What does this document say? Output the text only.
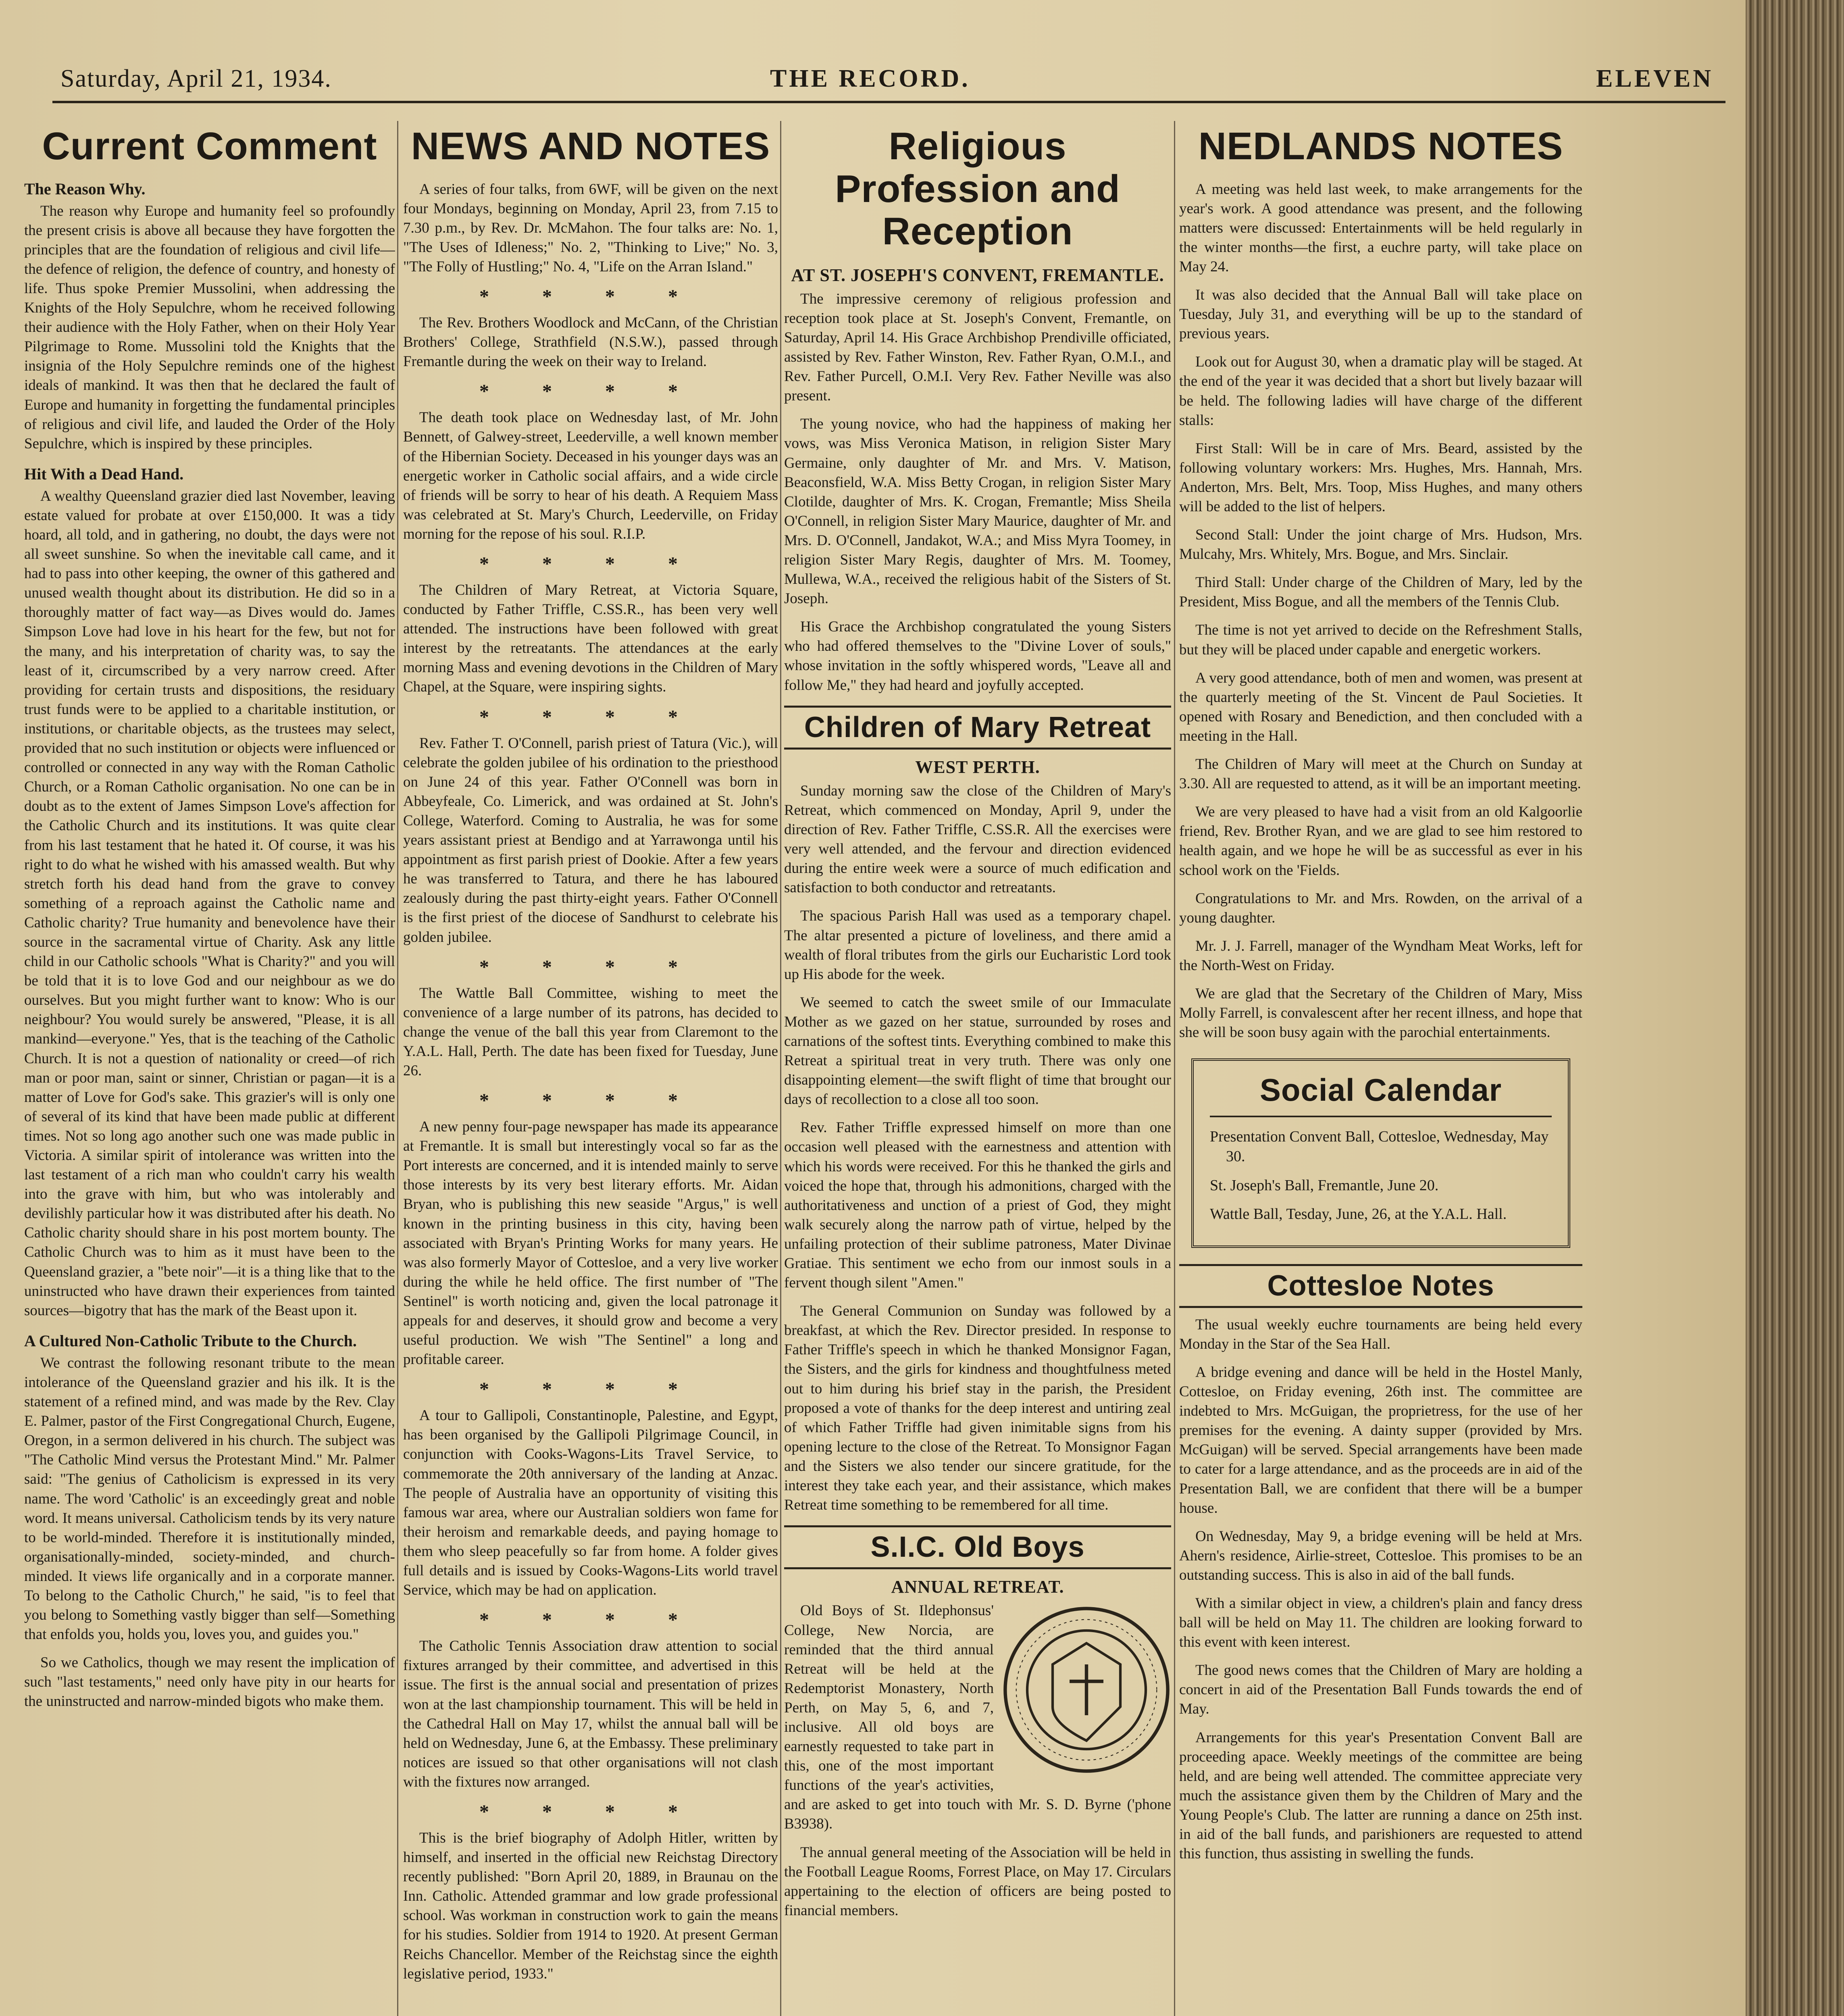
Saturday, April 21, 1934.	THE RECORD.	ELEVEN
Current Comment
The Reason Why.

The reason why Europe and humanity feel so profoundly the present crisis is above all because they have forgotten the principles that are the foundation of religious and civil life—the defence of religion, the defence of country, and honesty of life. Thus spoke Premier Mussolini, when addressing the Knights of the Holy Sepulchre, whom he received following their audience with the Holy Father, when on their Holy Year Pilgrimage to Rome. Mussolini told the Knights that the insignia of the Holy Sepulchre reminds one of the highest ideals of mankind. It was then that he declared the fault of Europe and humanity in forgetting the fundamental principles of religious and civil life, and lauded the Order of the Holy Sepulchre, which is inspired by these principles.

Hit With a Dead Hand.

A wealthy Queensland grazier died last November, leaving estate valued for probate at over £150,000. It was a tidy hoard, all told, and in gathering, no doubt, the days were not all sweet sunshine. So when the inevitable call came, and it had to pass into other keeping, the owner of this gathered and unused wealth thought about its distribution. He did so in a thoroughly matter of fact way—as Dives would do. James Simpson Love had love in his heart for the few, but not for the many, and his interpretation of charity was, to say the least of it, circumscribed by a very narrow creed. After providing for certain trusts and dispositions, the residuary trust funds were to be applied to a charitable institution, or institutions, or charitable objects, as the trustees may select, provided that no such institution or objects were influenced or controlled or connected in any way with the Roman Catholic Church, or a Roman Catholic organisation. No one can be in doubt as to the extent of James Simpson Love's affection for the Catholic Church and its institutions. It was quite clear from his last testament that he hated it. Of course, it was his right to do what he wished with his amassed wealth. But why stretch forth his dead hand from the grave to convey something of a reproach against the Catholic name and Catholic charity? True humanity and benevolence have their source in the sacramental virtue of Charity. Ask any little child in our Catholic schools "What is Charity?" and you will be told that it is to love God and our neighbour as we do ourselves. But you might further want to know: Who is our neighbour? You would surely be answered, "Please, it is all mankind—everyone." Yes, that is the teaching of the Catholic Church. It is not a question of nationality or creed—of rich man or poor man, saint or sinner, Christian or pagan—it is a matter of Love for God's sake. This grazier's will is only one of several of its kind that have been made public at different times. Not so long ago another such one was made public in Victoria. A similar spirit of intolerance was written into the last testament of a rich man who couldn't carry his wealth into the grave with him, but who was intolerably and devilishly particular how it was distributed after his death. No Catholic charity should share in his post mortem bounty. The Catholic Church was to him as it must have been to the Queensland grazier, a "bete noir"—it is a thing like that to the uninstructed who have drawn their experiences from tainted sources—bigotry that has the mark of the Beast upon it.

A Cultured Non-Catholic Tribute to the Church.

We contrast the following resonant tribute to the mean intolerance of the Queensland grazier and his ilk. It is the statement of a refined mind, and was made by the Rev. Clay E. Palmer, pastor of the First Congregational Church, Eugene, Oregon, in a sermon delivered in his church. The subject was "The Catholic Mind versus the Protestant Mind." Mr. Palmer said: "The genius of Catholicism is expressed in its very name. The word 'Catholic' is an exceedingly great and noble word. It means universal. Catholicism tends by its very nature to be world-minded. Therefore it is institutionally minded, organisationally-minded, society-minded, and church-minded. It views life organically and in a corporate manner. To belong to the Catholic Church," he said, "is to feel that you belong to Something vastly bigger than self—Something that enfolds you, holds you, loves you, and guides you."

So we Catholics, though we may resent the implication of such "last testaments," need only have pity in our hearts for the uninstructed and narrow-minded bigots who make them.

NEWS AND NOTES

A series of four talks, from 6WF, will be given on the next four Mondays, beginning on Monday, April 23, from 7.15 to 7.30 p.m., by Rev. Dr. McMahon. The four talks are: No. 1, "The Uses of Idleness;" No. 2, "Thinking to Live;" No. 3, "The Folly of Hustling;" No. 4, "Life on the Arran Island."

* * * *

The Rev. Brothers Woodlock and McCann, of the Christian Brothers' College, Strathfield (N.S.W.), passed through Fremantle during the week on their way to Ireland.

* * * *

The death took place on Wednesday last, of Mr. John Bennett, of Galwey-street, Leederville, a well known member of the Hibernian Society. Deceased in his younger days was an energetic worker in Catholic social affairs, and a wide circle of friends will be sorry to hear of his death. A Requiem Mass was celebrated at St. Mary's Church, Leederville, on Friday morning for the repose of his soul. R.I.P.

* * * *

The Children of Mary Retreat, at Victoria Square, conducted by Father Triffle, C.SS.R., has been very well attended. The instructions have been followed with great interest by the retreatants. The attendances at the early morning Mass and evening devotions in the Children of Mary Chapel, at the Square, were inspiring sights.

* * * *

Rev. Father T. O'Connell, parish priest of Tatura (Vic.), will celebrate the golden jubilee of his ordination to the priesthood on June 24 of this year. Father O'Connell was born in Abbeyfeale, Co. Limerick, and was ordained at St. John's College, Waterford. Coming to Australia, he was for some years assistant priest at Bendigo and at Yarrawonga until his appointment as first parish priest of Dookie. After a few years he was transferred to Tatura, and there he has laboured zealously during the past thirty-eight years. Father O'Connell is the first priest of the diocese of Sandhurst to celebrate his golden jubilee.

* * * *

The Wattle Ball Committee, wishing to meet the convenience of a large number of its patrons, has decided to change the venue of the ball this year from Claremont to the Y.A.L. Hall, Perth. The date has been fixed for Tuesday, June 26.

* * * *

A new penny four-page newspaper has made its appearance at Fremantle. It is small but interestingly vocal so far as the Port interests are concerned, and it is intended mainly to serve those interests by its very best literary efforts. Mr. Aidan Bryan, who is publishing this new seaside "Argus," is well known in the printing business in this city, having been associated with Bryan's Printing Works for many years. He was also formerly Mayor of Cottesloe, and a very live worker during the while he held office. The first number of "The Sentinel" is worth noticing and, given the local patronage it appeals for and deserves, it should grow and become a very useful production. We wish "The Sentinel" a long and profitable career.

* * * *

A tour to Gallipoli, Constantinople, Palestine, and Egypt, has been organised by the Gallipoli Pilgrimage Council, in conjunction with Cooks-Wagons-Lits Travel Service, to commemorate the 20th anniversary of the landing at Anzac. The people of Australia have an opportunity of visiting this famous war area, where our Australian soldiers won fame for their heroism and remarkable deeds, and paying homage to them who sleep peacefully so far from home. A folder gives full details and is issued by Cooks-Wagons-Lits world travel Service, which may be had on application.

* * * *

The Catholic Tennis Association draw attention to social fixtures arranged by their committee, and advertised in this issue. The first is the annual social and presentation of prizes won at the last championship tournament. This will be held in the Cathedral Hall on May 17, whilst the annual ball will be held on Wednesday, June 6, at the Embassy. These preliminary notices are issued so that other organisations will not clash with the fixtures now arranged.

* * * *

This is the brief biography of Adolph Hitler, written by himself, and inserted in the official new Reichstag Directory recently published: "Born April 20, 1889, in Braunau on the Inn. Catholic. Attended grammar and low grade professional school. Was workman in construction work to gain the means for his studies. Soldier from 1914 to 1920. At present German Reichs Chancellor. Member of the Reichstag since the eighth legislative period, 1933."

Religious Profession and Reception
AT ST. JOSEPH'S CONVENT, FREMANTLE.

The impressive ceremony of religious profession and reception took place at St. Joseph's Convent, Fremantle, on Saturday, April 14. His Grace Archbishop Prendiville officiated, assisted by Rev. Father Winston, Rev. Father Ryan, O.M.I., and Rev. Father Purcell, O.M.I. Very Rev. Father Neville was also present.

The young novice, who had the happiness of making her vows, was Miss Veronica Matison, in religion Sister Mary Germaine, only daughter of Mr. and Mrs. V. Matison, Beaconsfield, W.A. Miss Betty Crogan, in religion Sister Mary Clotilde, daughter of Mrs. K. Crogan, Fremantle; Miss Sheila O'Connell, in religion Sister Mary Maurice, daughter of Mr. and Mrs. D. O'Connell, Jandakot, W.A.; and Miss Myra Toomey, in religion Sister Mary Regis, daughter of Mrs. M. Toomey, Mullewa, W.A., received the religious habit of the Sisters of St. Joseph.

His Grace the Archbishop congratulated the young Sisters who had offered themselves to the "Divine Lover of souls," whose invitation in the softly whispered words, "Leave all and follow Me," they had heard and joyfully accepted.

Children of Mary Retreat
WEST PERTH.

Sunday morning saw the close of the Children of Mary's Retreat, which commenced on Monday, April 9, under the direction of Rev. Father Triffle, C.SS.R. All the exercises were very well attended, and the fervour and direction evidenced during the entire week were a source of much edification and satisfaction to both conductor and retreatants.

The spacious Parish Hall was used as a temporary chapel. The altar presented a picture of loveliness, and there amid a wealth of floral tributes from the girls our Eucharistic Lord took up His abode for the week.

We seemed to catch the sweet smile of our Immaculate Mother as we gazed on her statue, surrounded by roses and carnations of the softest tints. Everything combined to make this Retreat a spiritual treat in very truth. There was only one disappointing element—the swift flight of time that brought our days of recollection to a close all too soon.

Rev. Father Triffle expressed himself on more than one occasion well pleased with the earnestness and attention with which his words were received. For this he thanked the girls and voiced the hope that, through his admonitions, charged with the authoritativeness and unction of a priest of God, they might walk securely along the narrow path of virtue, helped by the unfailing protection of their sublime patroness, Mater Divinae Gratiae. This sentiment we echo from our inmost souls in a fervent though silent "Amen."

The General Communion on Sunday was followed by a breakfast, at which the Rev. Director presided. In response to Father Triffle's speech in which he thanked Monsignor Fagan, the Sisters, and the girls for kindness and thoughtfulness meted out to him during his brief stay in the parish, the President proposed a vote of thanks for the deep interest and untiring zeal of which Father Triffle had given inimitable signs from his opening lecture to the close of the Retreat. To Monsignor Fagan and the Sisters we also tender our sincere gratitude, for the interest they take each year, and their assistance, which makes Retreat time something to be remembered for all time.

S.I.C. Old Boys
ANNUAL RETREAT.

Old Boys of St. Ildephonsus' College, New Norcia, are reminded that the third annual Retreat will be held at the Redemptorist Monastery, North Perth, on May 5, 6, and 7, inclusive. All old boys are earnestly requested to take part in this, one of the most important functions of the year's activities, and are asked to get into touch with Mr. S. D. Byrne ('phone B3938).

The annual general meeting of the Association will be held in the Football League Rooms, Forrest Place, on May 17. Circulars appertaining to the election of officers are being posted to financial members.

NEDLANDS NOTES

A meeting was held last week, to make arrangements for the year's work. A good attendance was present, and the following matters were discussed: Entertainments will be held regularly in the winter months—the first, a euchre party, will take place on May 24.

It was also decided that the Annual Ball will take place on Tuesday, July 31, and everything will be up to the standard of previous years.

Look out for August 30, when a dramatic play will be staged. At the end of the year it was decided that a short but lively bazaar will be held. The following ladies will have charge of the different stalls:

First Stall: Will be in care of Mrs. Beard, assisted by the following voluntary workers: Mrs. Hughes, Mrs. Hannah, Mrs. Anderton, Mrs. Belt, Mrs. Toop, Miss Hughes, and many others will be added to the list of helpers.

Second Stall: Under the joint charge of Mrs. Hudson, Mrs. Mulcahy, Mrs. Whitely, Mrs. Bogue, and Mrs. Sinclair.

Third Stall: Under charge of the Children of Mary, led by the President, Miss Bogue, and all the members of the Tennis Club.

The time is not yet arrived to decide on the Refreshment Stalls, but they will be placed under capable and energetic workers.

A very good attendance, both of men and women, was present at the quarterly meeting of the St. Vincent de Paul Societies. It opened with Rosary and Benediction, and then concluded with a meeting in the Hall.

The Children of Mary will meet at the Church on Sunday at 3.30. All are requested to attend, as it will be an important meeting.

We are very pleased to have had a visit from an old Kalgoorlie friend, Rev. Brother Ryan, and we are glad to see him restored to health again, and we hope he will be as successful as ever in his school work on the 'Fields.

Congratulations to Mr. and Mrs. Rowden, on the arrival of a young daughter.

Mr. J. J. Farrell, manager of the Wyndham Meat Works, left for the North-West on Friday.

We are glad that the Secretary of the Children of Mary, Miss Molly Farrell, is convalescent after her recent illness, and hope that she will be soon busy again with the parochial entertainments.

Social Calendar

Presentation Convent Ball, Cottesloe, Wednesday, May 30.

St. Joseph's Ball, Fremantle, June 20.

Wattle Ball, Tesday, June, 26, at the Y.A.L. Hall.

Cottesloe Notes

The usual weekly euchre tournaments are being held every Monday in the Star of the Sea Hall.

A bridge evening and dance will be held in the Hostel Manly, Cottesloe, on Friday evening, 26th inst. The committee are indebted to Mrs. McGuigan, the proprietress, for the use of her premises for the evening. A dainty supper (provided by Mrs. McGuigan) will be served. Special arrangements have been made to cater for a large attendance, and as the proceeds are in aid of the Presentation Ball, we are confident that there will be a bumper house.

On Wednesday, May 9, a bridge evening will be held at Mrs. Ahern's residence, Airlie-street, Cottesloe. This promises to be an outstanding success. This is also in aid of the ball funds.

With a similar object in view, a children's plain and fancy dress ball will be held on May 11. The children are looking forward to this event with keen interest.

The good news comes that the Children of Mary are holding a concert in aid of the Presentation Ball Funds towards the end of May.

Arrangements for this year's Presentation Convent Ball are proceeding apace. Weekly meetings of the committee are being held, and are being well attended. The committee appreciate very much the assistance given them by the Children of Mary and the Young People's Club. The latter are running a dance on 25th inst. in aid of the ball funds, and parishioners are requested to attend this function, thus assisting in swelling the funds.
